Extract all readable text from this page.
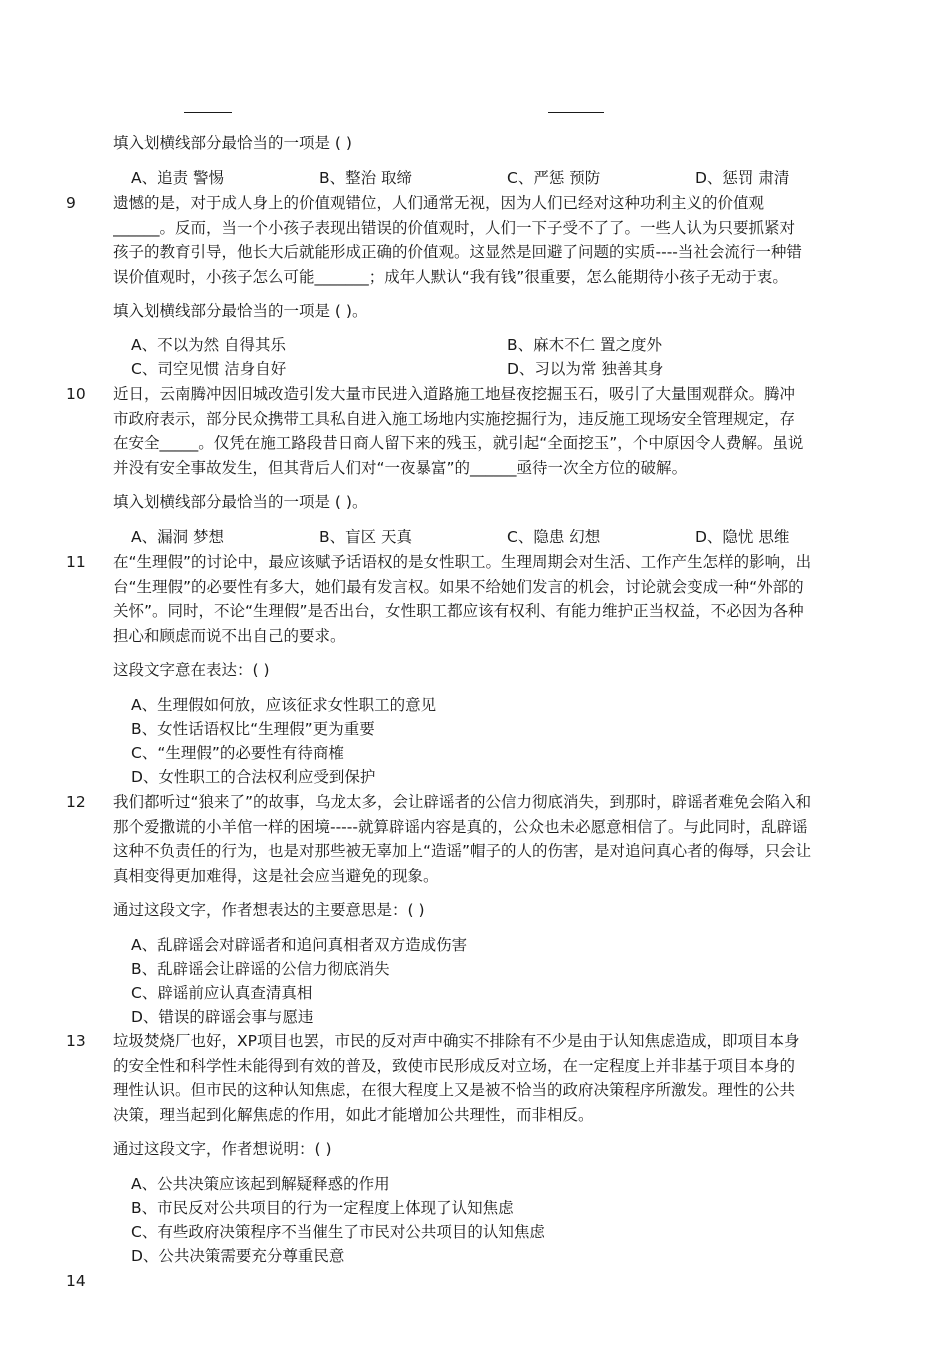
填入划横线部分最恰当的一项是 ( )
A、追责 警惕	B、整治 取缔	C、严惩 预防	D、惩罚 肃清
9 遗憾的是，对于成人身上的价值观错位，人们通常无视，因为人们已经对这种功利主义的价值观
______。反而，当一个小孩子表现出错误的价值观时，人们一下子受不了了。一些人认为只要抓紧对
孩子的教育引导，他长大后就能形成正确的价值观。这显然是回避了问题的实质----当社会流行一种错
误价值观时，小孩子怎么可能_______；成年人默认“我有钱”很重要，怎么能期待小孩子无动于衷。
填入划横线部分最恰当的一项是 ( )。
A、不以为然 自得其乐	B、麻木不仁 置之度外
C、司空见惯 洁身自好	D、习以为常 独善其身
10 近日，云南腾冲因旧城改造引发大量市民进入道路施工地昼夜挖掘玉石，吸引了大量围观群众。腾冲
市政府表示，部分民众携带工具私自进入施工场地内实施挖掘行为，违反施工现场安全管理规定，存
在安全_____。仅凭在施工路段昔日商人留下来的残玉，就引起“全面挖玉”，个中原因令人费解。虽说
并没有安全事故发生，但其背后人们对“一夜暴富”的______亟待一次全方位的破解。
填入划横线部分最恰当的一项是 ( )。
A、漏洞 梦想	B、盲区 天真	C、隐患 幻想	D、隐忧 思维
11 在“生理假”的讨论中，最应该赋予话语权的是女性职工。生理周期会对生活、工作产生怎样的影响，出
台“生理假”的必要性有多大，她们最有发言权。如果不给她们发言的机会，讨论就会变成一种“外部的
关怀”。同时，不论“生理假”是否出台，女性职工都应该有权利、有能力维护正当权益，不必因为各种
担心和顾虑而说不出自己的要求。
这段文字意在表达：( )
A、生理假如何放，应该征求女性职工的意见
B、女性话语权比“生理假”更为重要
C、“生理假”的必要性有待商榷
D、女性职工的合法权利应受到保护
12 我们都听过“狼来了”的故事，乌龙太多，会让辟谣者的公信力彻底消失，到那时，辟谣者难免会陷入和
那个爱撒谎的小羊倌一样的困境-----就算辟谣内容是真的，公众也未必愿意相信了。与此同时，乱辟谣
这种不负责任的行为，也是对那些被无辜加上“造谣”帽子的人的伤害，是对追问真心者的侮辱，只会让
真相变得更加难得，这是社会应当避免的现象。
通过这段文字，作者想表达的主要意思是：( )
A、乱辟谣会对辟谣者和追问真相者双方造成伤害
B、乱辟谣会让辟谣的公信力彻底消失
C、辟谣前应认真查清真相
D、错误的辟谣会事与愿违
13 垃圾焚烧厂也好，XP项目也罢，市民的反对声中确实不排除有不少是由于认知焦虑造成，即项目本身
的安全性和科学性未能得到有效的普及，致使市民形成反对立场，在一定程度上并非基于项目本身的
理性认识。但市民的这种认知焦虑，在很大程度上又是被不恰当的政府决策程序所激发。理性的公共
决策，理当起到化解焦虑的作用，如此才能增加公共理性，而非相反。
通过这段文字，作者想说明：( )
A、公共决策应该起到解疑释惑的作用
B、市民反对公共项目的行为一定程度上体现了认知焦虑
C、有些政府决策程序不当催生了市民对公共项目的认知焦虑
D、公共决策需要充分尊重民意
14
